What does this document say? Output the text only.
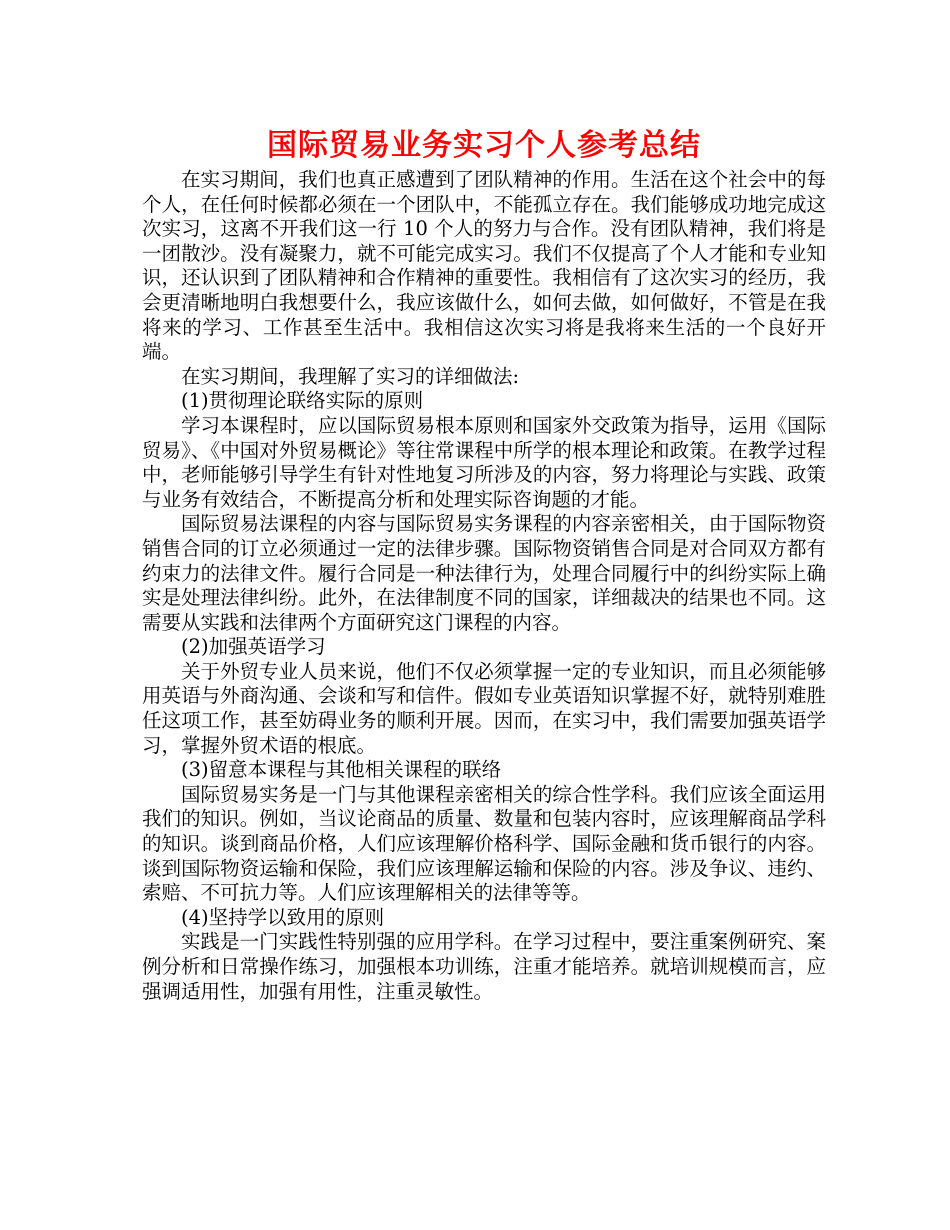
国际贸易业务实习个人参考总结

在实习期间，我们也真正感遭到了团队精神的作用。生活在这个社会中的每个人，在任何时候都必须在一个团队中，不能孤立存在。我们能够成功地完成这次实习，这离不开我们这一行 10 个人的努力与合作。没有团队精神，我们将是一团散沙。没有凝聚力，就不可能完成实习。我们不仅提高了个人才能和专业知识，还认识到了团队精神和合作精神的重要性。我相信有了这次实习的经历，我会更清晰地明白我想要什么，我应该做什么，如何去做，如何做好，不管是在我将来的学习、工作甚至生活中。我相信这次实习将是我将来生活的一个良好开端。

在实习期间，我理解了实习的详细做法:

(1)贯彻理论联络实际的原则

学习本课程时，应以国际贸易根本原则和国家外交政策为指导，运用《国际贸易》、《中国对外贸易概论》等往常课程中所学的根本理论和政策。在教学过程中，老师能够引导学生有针对性地复习所涉及的内容，努力将理论与实践、政策与业务有效结合，不断提高分析和处理实际咨询题的才能。

国际贸易法课程的内容与国际贸易实务课程的内容亲密相关，由于国际物资销售合同的订立必须通过一定的法律步骤。国际物资销售合同是对合同双方都有约束力的法律文件。履行合同是一种法律行为，处理合同履行中的纠纷实际上确实是处理法律纠纷。此外，在法律制度不同的国家，详细裁决的结果也不同。这需要从实践和法律两个方面研究这门课程的内容。

(2)加强英语学习

关于外贸专业人员来说，他们不仅必须掌握一定的专业知识，而且必须能够用英语与外商沟通、会谈和写和信件。假如专业英语知识掌握不好，就特别难胜任这项工作，甚至妨碍业务的顺利开展。因而，在实习中，我们需要加强英语学习，掌握外贸术语的根底。

(3)留意本课程与其他相关课程的联络

国际贸易实务是一门与其他课程亲密相关的综合性学科。我们应该全面运用我们的知识。例如，当议论商品的质量、数量和包装内容时，应该理解商品学科的知识。谈到商品价格，人们应该理解价格科学、国际金融和货币银行的内容。谈到国际物资运输和保险，我们应该理解运输和保险的内容。涉及争议、违约、索赔、不可抗力等。人们应该理解相关的法律等等。

(4)坚持学以致用的原则

实践是一门实践性特别强的应用学科。在学习过程中，要注重案例研究、案例分析和日常操作练习，加强根本功训练，注重才能培养。就培训规模而言，应强调适用性，加强有用性，注重灵敏性。
